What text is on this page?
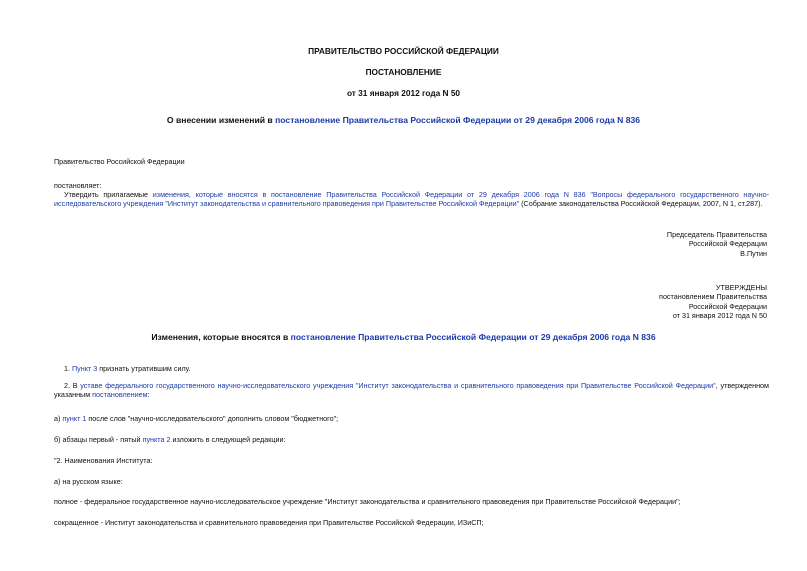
ПРАВИТЕЛЬСТВО РОССИЙСКОЙ ФЕДЕРАЦИИ
ПОСТАНОВЛЕНИЕ
от 31 января 2012 года N 50
О внесении изменений в постановление Правительства Российской Федерации от 29 декабря 2006 года N 836
Правительство Российской Федерации
постановляет:
Утвердить прилагаемые изменения, которые вносятся в постановление Правительства Российской Федерации от 29 декабря 2006 года N 836 "Вопросы федерального государственного научно-
исследовательского учреждения "Институт законодательства и сравнительного правоведения при Правительстве Российской Федерации" (Собрание законодательства Российской Федерации, 2007, N 1, ст.287).
Председатель Правительства
Российской Федерации
В.Путин
УТВЕРЖДЕНЫ
постановлением Правительства
Российской Федерации
от 31 января 2012 года N 50
Изменения, которые вносятся в постановление Правительства Российской Федерации от 29 декабря 2006 года N 836
1. Пункт 3 признать утратившим силу.
2. В уставе федерального государственного научно-исследовательского учреждения "Институт законодательства и сравнительного правоведения при Правительстве Российской Федерации", утвержденном
указанным постановлением:
а) пункт 1 после слов "научно-исследовательского" дополнить словом "бюджетного";
б) абзацы первый - пятый пункта 2 изложить в следующей редакции:
"2. Наименования Института:
а) на русском языке:
полное - федеральное государственное научно-исследовательское учреждение "Институт законодательства и сравнительного правоведения при Правительстве Российской Федерации";
сокращенное - Институт законодательства и сравнительного правоведения при Правительстве Российской Федерации, ИЗиСП;
